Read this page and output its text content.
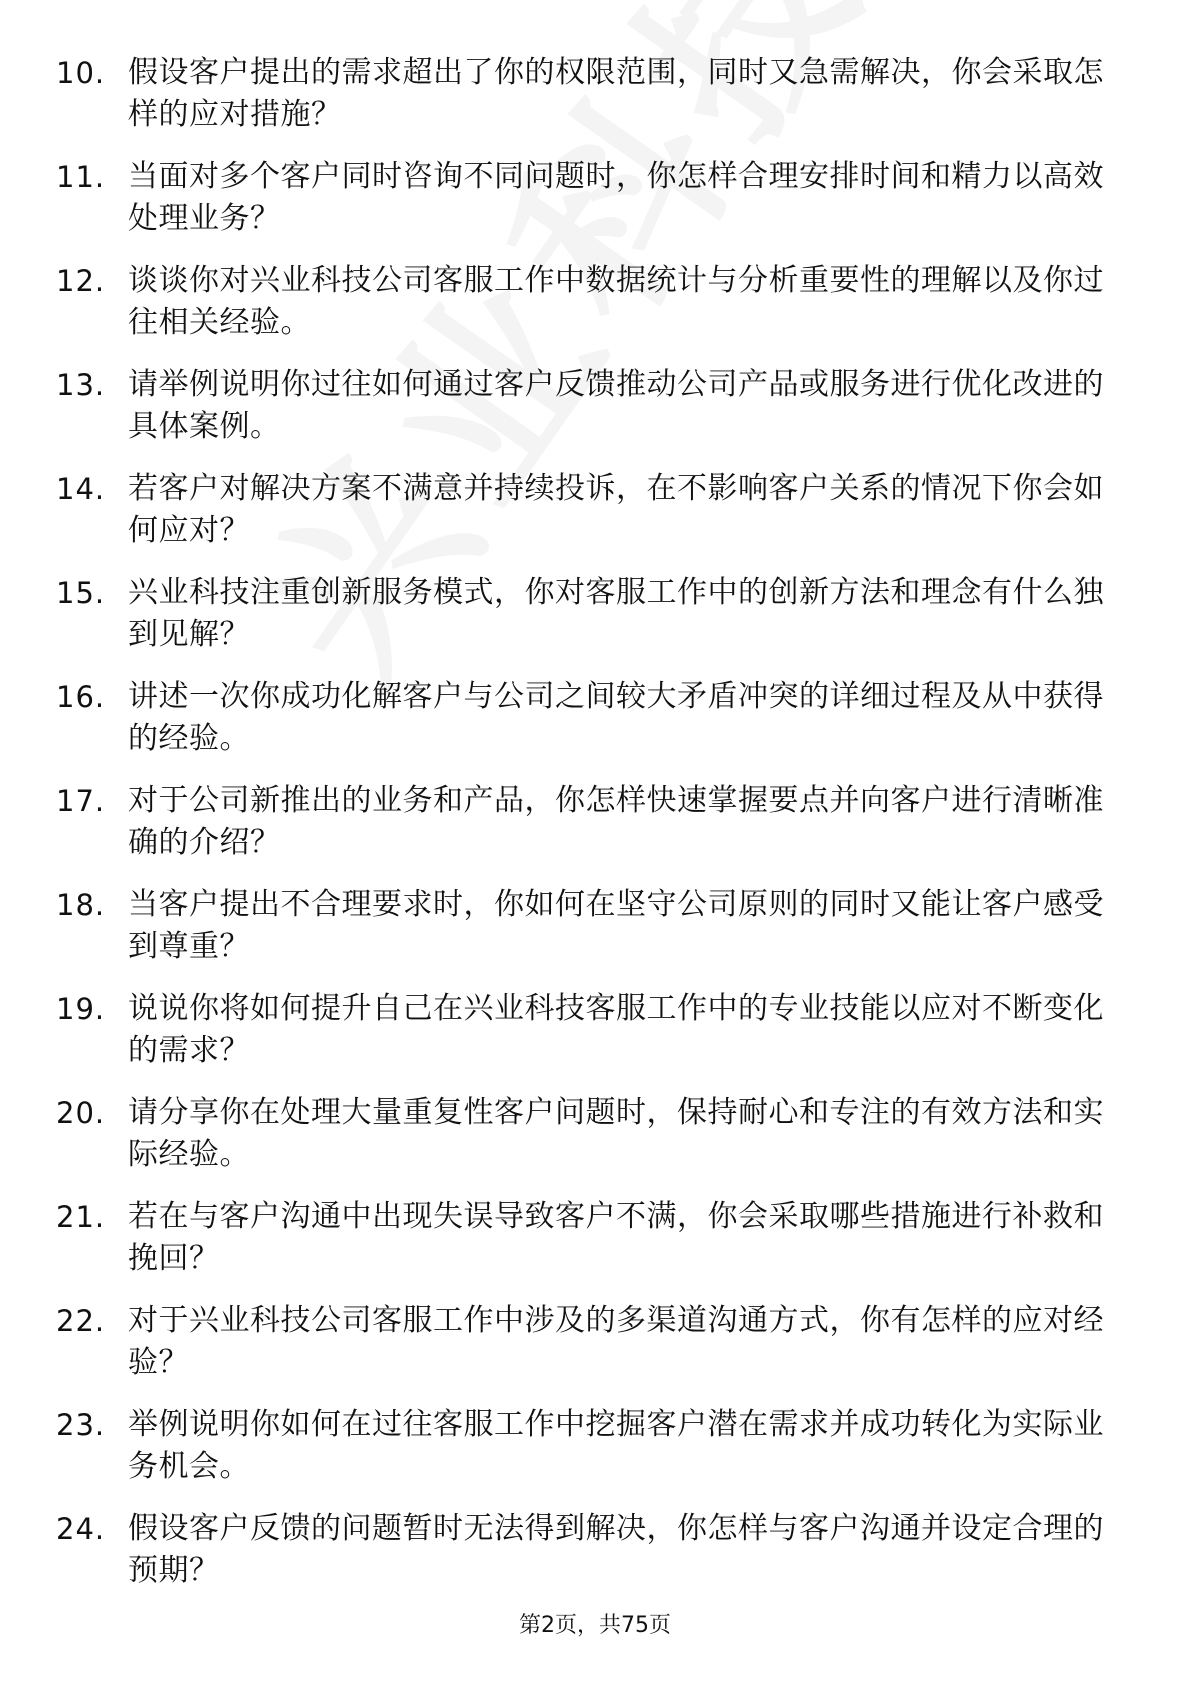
10. 假设客户提出的需求超出了你的权限范围，同时又急需解决，你会采取怎样的应对措施？
11. 当面对多个客户同时咨询不同问题时，你怎样合理安排时间和精力以高效处理业务？
12. 谈谈你对兴业科技公司客服工作中数据统计与分析重要性的理解以及你过往相关经验。
13. 请举例说明你过往如何通过客户反馈推动公司产品或服务进行优化改进的具体案例。
14. 若客户对解决方案不满意并持续投诉，在不影响客户关系的情况下你会如何应对？
15. 兴业科技注重创新服务模式，你对客服工作中的创新方法和理念有什么独到见解？
16. 讲述一次你成功化解客户与公司之间较大矛盾冲突的详细过程及从中获得的经验。
17. 对于公司新推出的业务和产品，你怎样快速掌握要点并向客户进行清晰准确的介绍？
18. 当客户提出不合理要求时，你如何在坚守公司原则的同时又能让客户感受到尊重？
19. 说说你将如何提升自己在兴业科技客服工作中的专业技能以应对不断变化的需求？
20. 请分享你在处理大量重复性客户问题时，保持耐心和专注的有效方法和实际经验。
21. 若在与客户沟通中出现失误导致客户不满，你会采取哪些措施进行补救和挽回？
22. 对于兴业科技公司客服工作中涉及的多渠道沟通方式，你有怎样的应对经验？
23. 举例说明你如何在过往客服工作中挖掘客户潜在需求并成功转化为实际业务机会。
24. 假设客户反馈的问题暂时无法得到解决，你怎样与客户沟通并设定合理的预期？
第2页，共75页
